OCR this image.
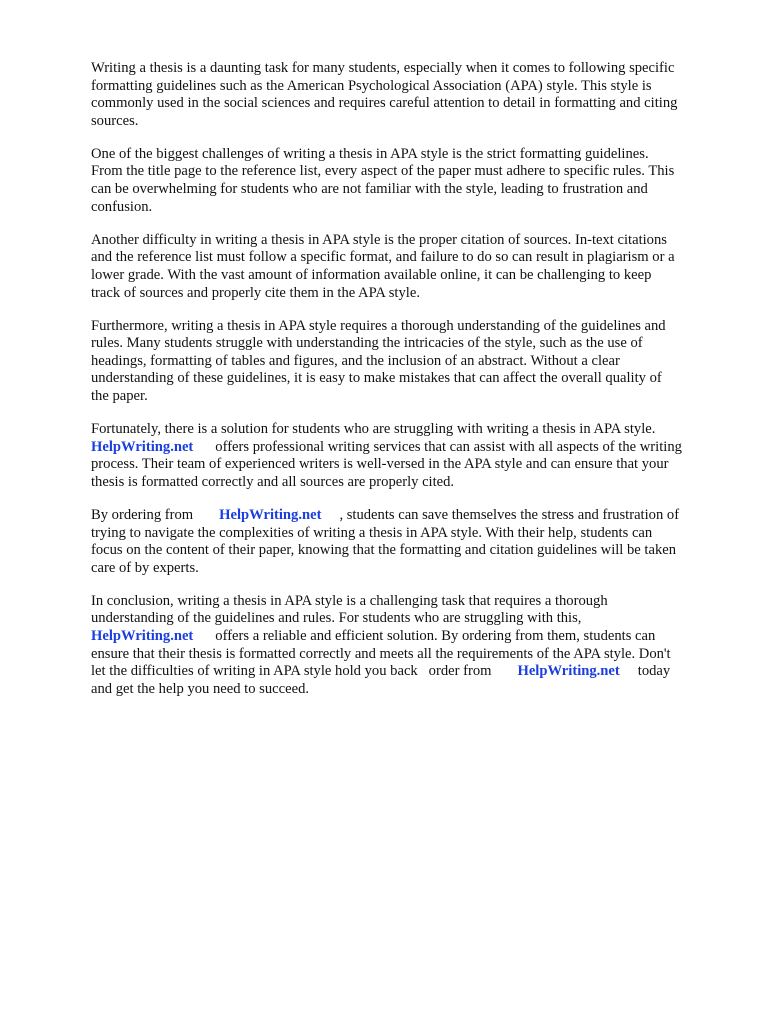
Writing a thesis is a daunting task for many students, especially when it comes to following specific
formatting guidelines such as the American Psychological Association (APA) style. This style is
commonly used in the social sciences and requires careful attention to detail in formatting and citing
sources.

One of the biggest challenges of writing a thesis in APA style is the strict formatting guidelines.
From the title page to the reference list, every aspect of the paper must adhere to specific rules. This
can be overwhelming for students who are not familiar with the style, leading to frustration and
confusion.

Another difficulty in writing a thesis in APA style is the proper citation of sources. In-text citations
and the reference list must follow a specific format, and failure to do so can result in plagiarism or a
lower grade. With the vast amount of information available online, it can be challenging to keep
track of sources and properly cite them in the APA style.

Furthermore, writing a thesis in APA style requires a thorough understanding of the guidelines and
rules. Many students struggle with understanding the intricacies of the style, such as the use of
headings, formatting of tables and figures, and the inclusion of an abstract. Without a clear
understanding of these guidelines, it is easy to make mistakes that can affect the overall quality of
the paper.

Fortunately, there is a solution for students who are struggling with writing a thesis in APA style.
HelpWriting.net offers professional writing services that can assist with all aspects of the writing
process. Their team of experienced writers is well-versed in the APA style and can ensure that your
thesis is formatted correctly and all sources are properly cited.

By ordering from HelpWriting.net , students can save themselves the stress and frustration of
trying to navigate the complexities of writing a thesis in APA style. With their help, students can
focus on the content of their paper, knowing that the formatting and citation guidelines will be taken
care of by experts.

In conclusion, writing a thesis in APA style is a challenging task that requires a thorough
understanding of the guidelines and rules. For students who are struggling with this,
HelpWriting.net offers a reliable and efficient solution. By ordering from them, students can
ensure that their thesis is formatted correctly and meets all the requirements of the APA style. Don't
let the difficulties of writing in APA style hold you back   order from HelpWriting.net today
and get the help you need to succeed.
